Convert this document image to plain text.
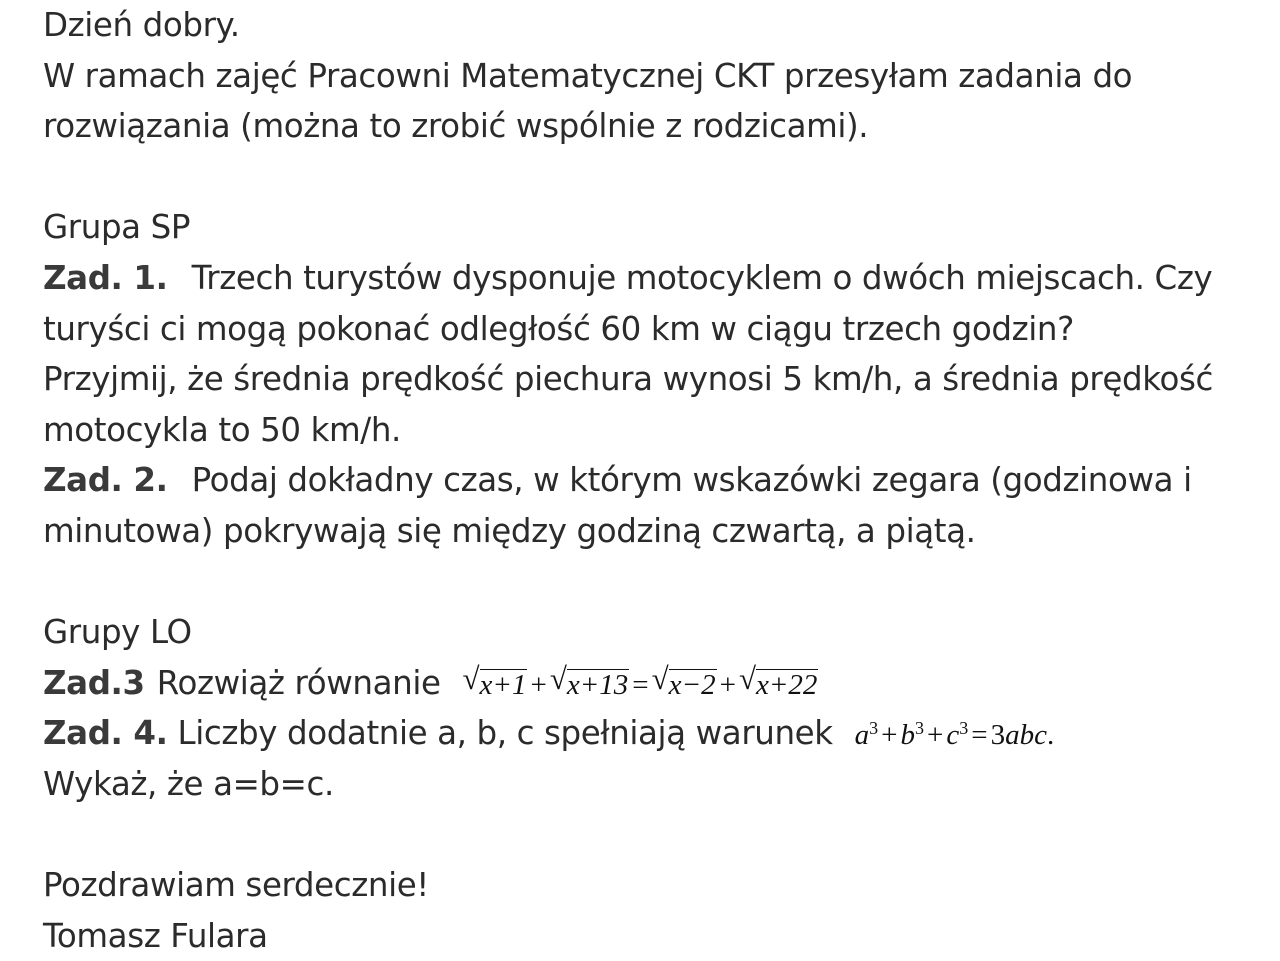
Dzień dobry.
W ramach zajęć Pracowni Matematycznej CKT przesyłam zadania do
rozwiązania (można to zrobić wspólnie z rodzicami).
Grupa SP
Zad. 1. Trzech turystów dysponuje motocyklem o dwóch miejscach. Czy
turyści ci mogą pokonać odległość 60 km w ciągu trzech godzin?
Przyjmij, że średnia prędkość piechura wynosi 5 km/h, a średnia prędkość
motocykla to 50 km/h.
Zad. 2. Podaj dokładny czas, w którym wskazówki zegara (godzinowa i
minutowa) pokrywają się między godziną czwartą, a piątą.
Grupy LO
Zad.3 Rozwiąż równanie √ x+1 + √ x+13 = √ x−2 + √ x+22
Zad. 4. Liczby dodatnie a, b, c spełniają warunek $a^3 + b^3 + c^3 = 3abc$.
Wykaż, że a=b=c.
Pozdrawiam serdecznie!
Tomasz Fulara
